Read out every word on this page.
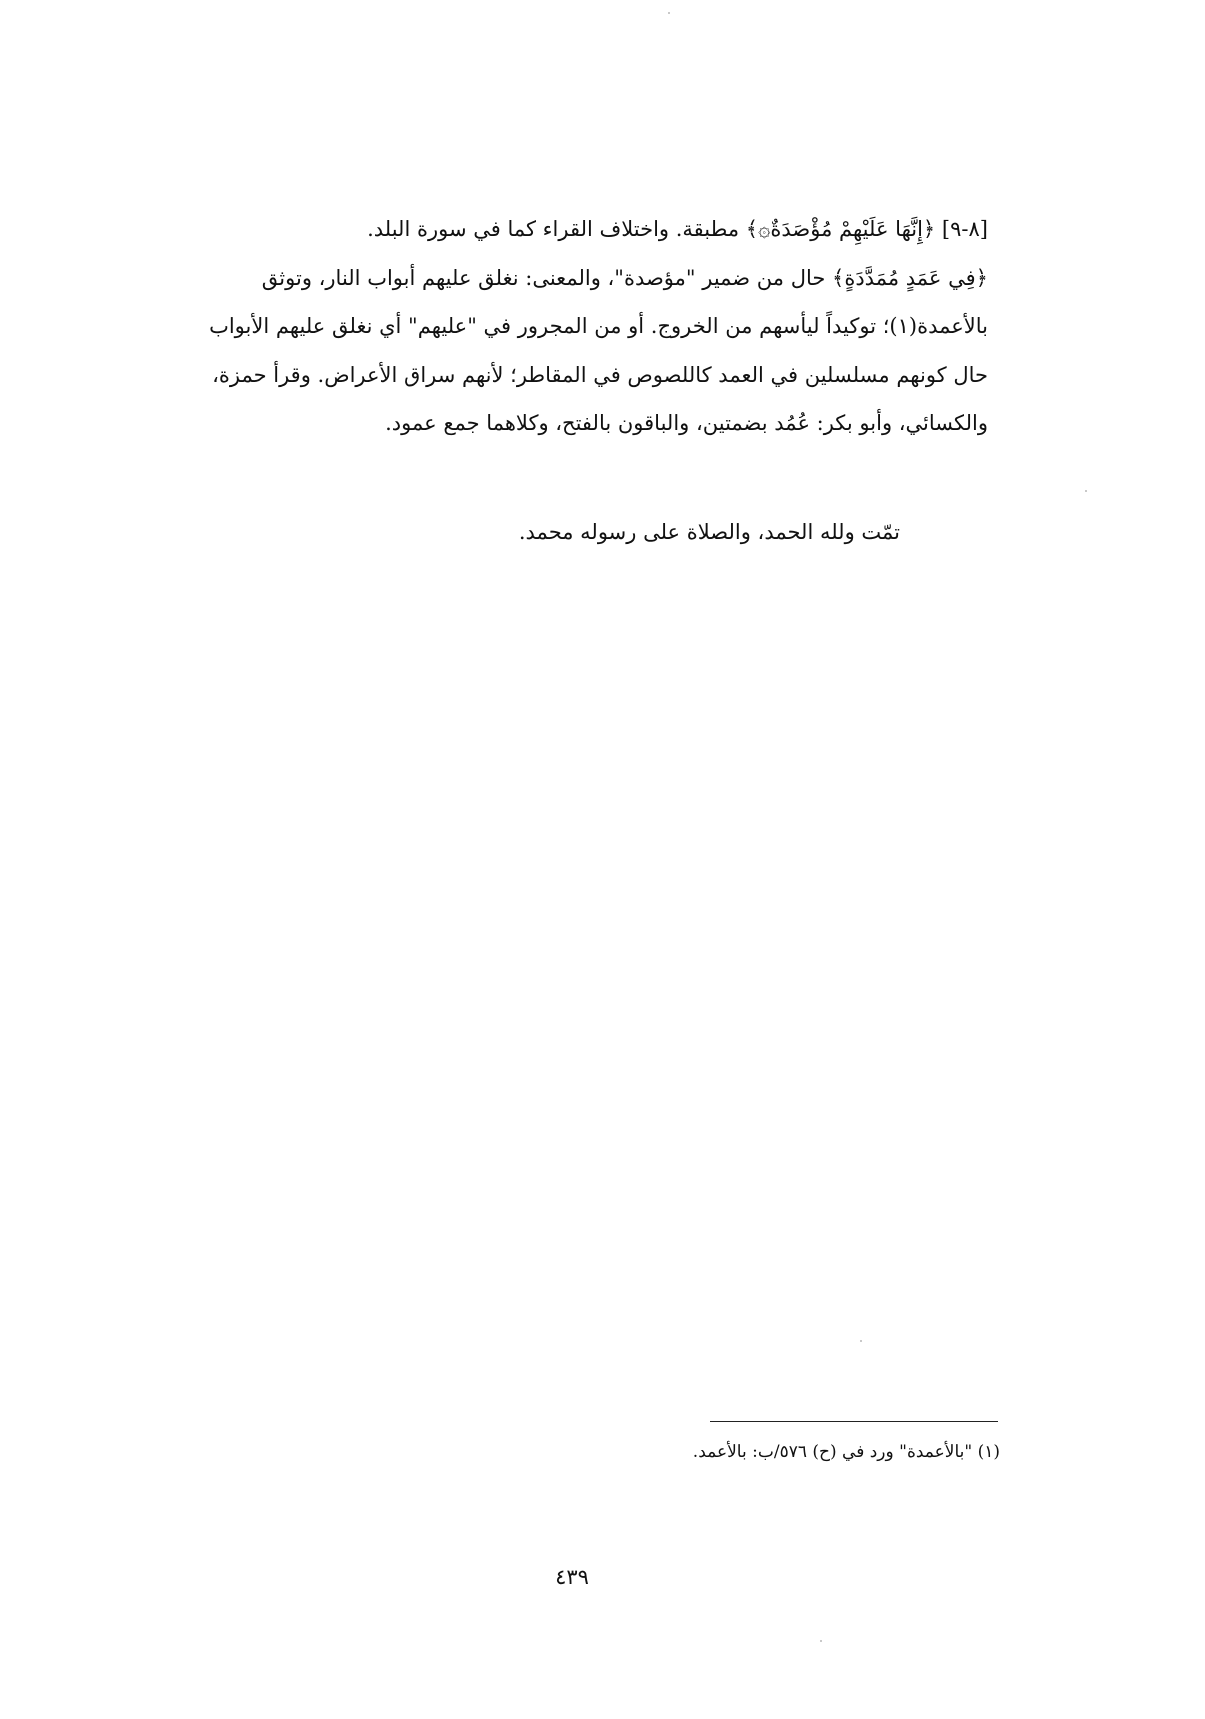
[٨-٩] ﴿إِنَّهَا عَلَيْهِمْ مُؤْصَدَةٌ۞﴾ مطبقة. واختلاف القراء كما في سورة البلد.

﴿فِي عَمَدٍ مُمَدَّدَةٍ﴾ حال من ضمير "مؤصدة"، والمعنى: نغلق عليهم أبواب النار، وتوثق

بالأعمدة(١)؛ توكيداً ليأسهم من الخروج. أو من المجرور في "عليهم" أي نغلق عليهم الأبواب

حال كونهم مسلسلين في العمد كاللصوص في المقاطر؛ لأنهم سراق الأعراض. وقرأ حمزة،

والكسائي، وأبو بكر: عُمُد بضمتين، والباقون بالفتح، وكلاهما جمع عمود.

تمّت ولله الحمد، والصلاة على رسوله محمد.
(١) "بالأعمدة" ورد في (ح) ٥٧٦/ب: بالأعمد.
٤٣٩
